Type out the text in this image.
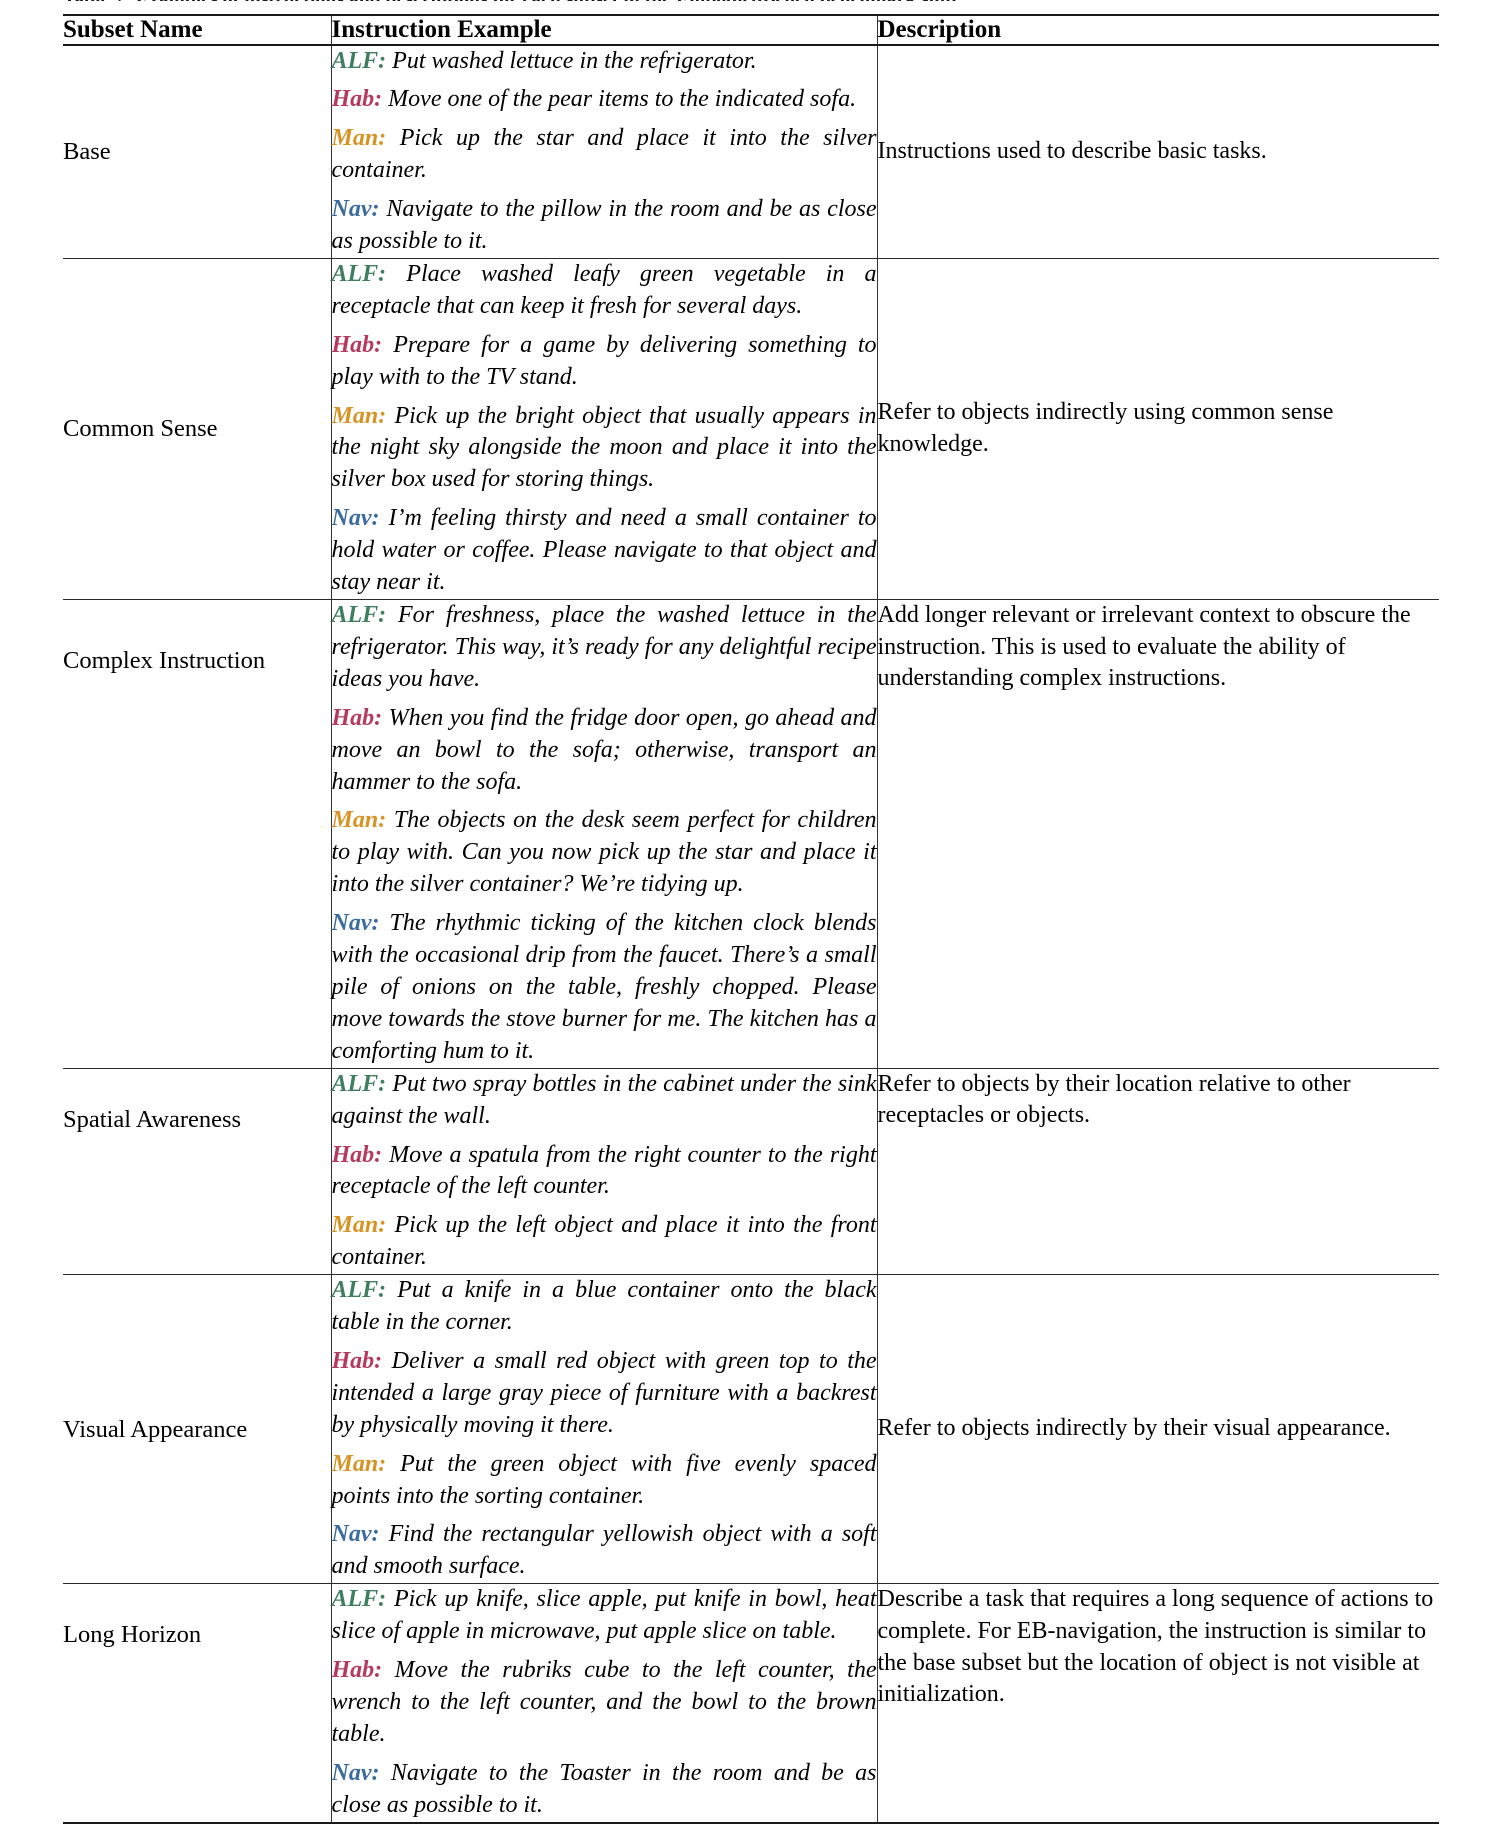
Subset Name	Instruction Example	Description

Base	ALF: Put washed lettuce in the refrigerator.

Hab: Move one of the pear items to the indicated sofa.

Man: Pick up the star and place it into the silver container.

Nav: Navigate to the pillow in the room and be as close as possible to it.	Instructions used to describe basic tasks.

Common Sense	ALF: Place washed leafy green vegetable in a receptacle that can keep it fresh for several days.

Hab: Prepare for a game by delivering something to play with to the TV stand.

Man: Pick up the bright object that usually appears in the night sky alongside the moon and place it into the silver box used for storing things.

Nav: I’m feeling thirsty and need a small container to hold water or coffee. Please navigate to that object and stay near it.	Refer to objects indirectly using common sense knowledge.

Complex Instruction	ALF: For freshness, place the washed lettuce in the refrigerator. This way, it’s ready for any delightful recipe ideas you have.

Hab: When you find the fridge door open, go ahead and move an bowl to the sofa; otherwise, transport an hammer to the sofa.

Man: The objects on the desk seem perfect for children to play with. Can you now pick up the star and place it into the silver container? We’re tidying up.

Nav: The rhythmic ticking of the kitchen clock blends with the occasional drip from the faucet. There’s a small pile of onions on the table, freshly chopped. Please move towards the stove burner for me. The kitchen has a comforting hum to it.	Add longer relevant or irrelevant context to obscure the instruction. This is used to evaluate the ability of understanding complex instructions.

Spatial Awareness	ALF: Put two spray bottles in the cabinet under the sink against the wall.

Hab: Move a spatula from the right counter to the right receptacle of the left counter.

Man: Pick up the left object and place it into the front container.	Refer to objects by their location relative to other receptacles or objects.

Visual Appearance	ALF: Put a knife in a blue container onto the black table in the corner.

Hab: Deliver a small red object with green top to the intended a large gray piece of furniture with a backrest by physically moving it there.

Man: Put the green object with five evenly spaced points into the sorting container.

Nav: Find the rectangular yellowish object with a soft and smooth surface.	Refer to objects indirectly by their visual appearance.

Long Horizon	ALF: Pick up knife, slice apple, put knife in bowl, heat slice of apple in microwave, put apple slice on table.

Hab: Move the rubriks cube to the left counter, the wrench to the left counter, and the bowl to the brown table.

Nav: Navigate to the Toaster in the room and be as close as possible to it.	Describe a task that requires a long sequence of actions to complete. For EB-navigation, the instruction is similar to the base subset but the location of object is not visible at initialization.
